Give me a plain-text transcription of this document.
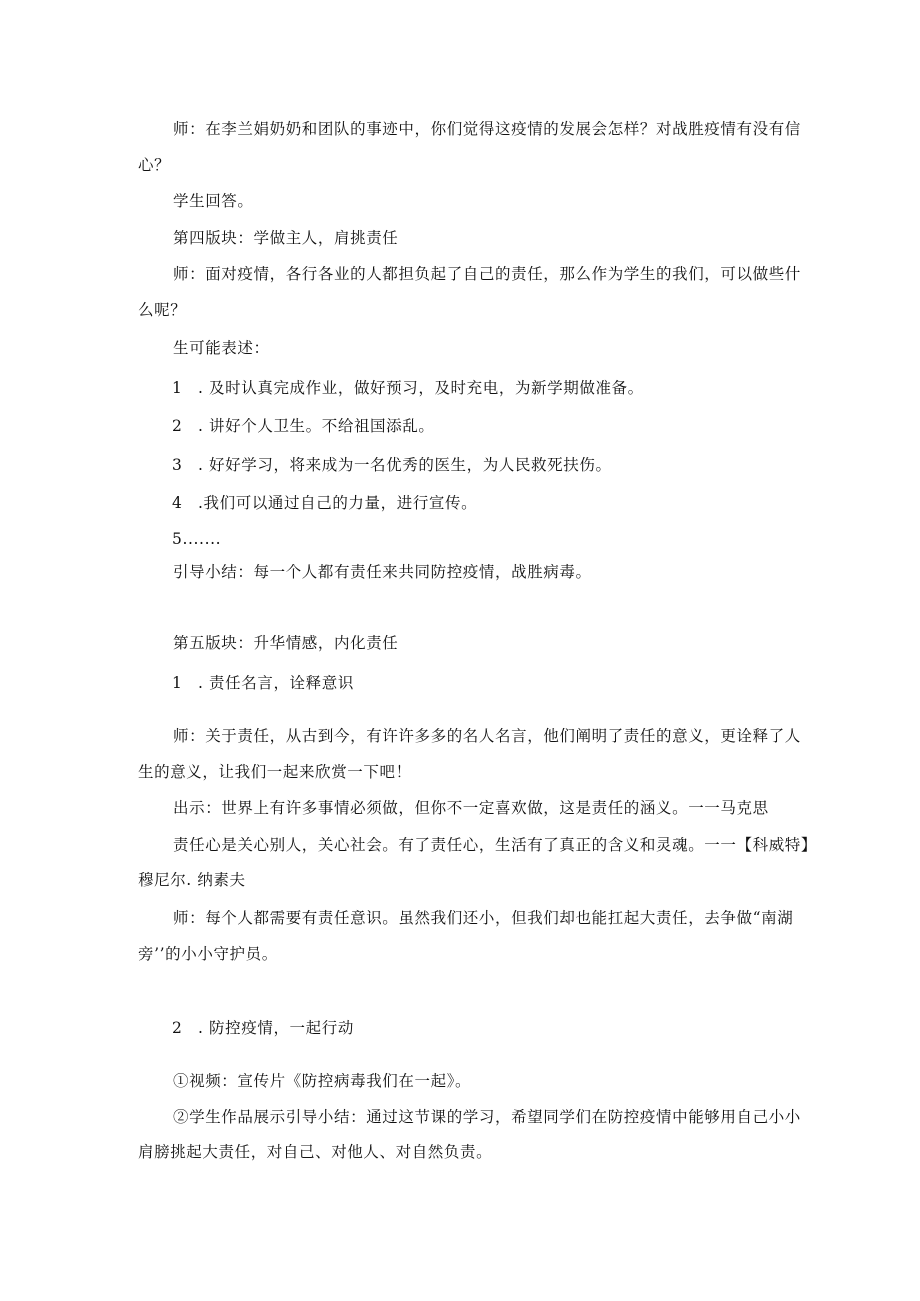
师：在李兰娟奶奶和团队的事迹中，你们觉得这疫情的发展会怎样？对战胜疫情有没有信
心？
学生回答。
第四版块：学做主人，肩挑责任
师：面对疫情，各行各业的人都担负起了自己的责任，那么作为学生的我们，可以做些什
么呢？
生可能表述：
1 . 及时认真完成作业，做好预习，及时充电，为新学期做准备。
2 . 讲好个人卫生。不给祖国添乱。
3 . 好好学习，将来成为一名优秀的医生，为人民救死扶伤。
4 .我们可以通过自己的力量，进行宣传。
5.......
引导小结：每一个人都有责任来共同防控疫情，战胜病毒。
第五版块：升华情感，内化责任
1 . 责任名言，诠释意识
师：关于责任，从古到今，有许许多多的名人名言，他们阐明了责任的意义，更诠释了人
生的意义，让我们一起来欣赏一下吧！
出示：世界上有许多事情必须做，但你不一定喜欢做，这是责任的涵义。一一马克思
责任心是关心别人，关心社会。有了责任心，生活有了真正的含义和灵魂。一一【科威特】
穆尼尔. 纳素夫
师：每个人都需要有责任意识。虽然我们还小，但我们却也能扛起大责任，去争做“南湖
旁’’的小小守护员。
2 . 防控疫情，一起行动
①视频：宣传片《防控病毒我们在一起》。
②学生作品展示引导小结：通过这节课的学习，希望同学们在防控疫情中能够用自己小小
肩膀挑起大责任，对自己、对他人、对自然负责。
